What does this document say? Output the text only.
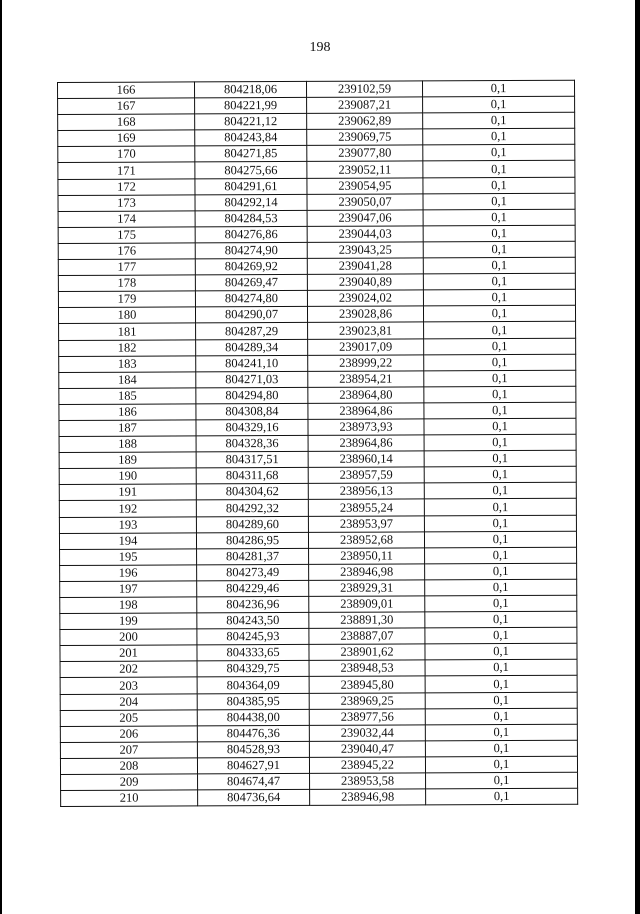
198
166	804218,06	239102,59	0,1
167	804221,99	239087,21	0,1
168	804221,12	239062,89	0,1
169	804243,84	239069,75	0,1
170	804271,85	239077,80	0,1
171	804275,66	239052,11	0,1
172	804291,61	239054,95	0,1
173	804292,14	239050,07	0,1
174	804284,53	239047,06	0,1
175	804276,86	239044,03	0,1
176	804274,90	239043,25	0,1
177	804269,92	239041,28	0,1
178	804269,47	239040,89	0,1
179	804274,80	239024,02	0,1
180	804290,07	239028,86	0,1
181	804287,29	239023,81	0,1
182	804289,34	239017,09	0,1
183	804241,10	238999,22	0,1
184	804271,03	238954,21	0,1
185	804294,80	238964,80	0,1
186	804308,84	238964,86	0,1
187	804329,16	238973,93	0,1
188	804328,36	238964,86	0,1
189	804317,51	238960,14	0,1
190	804311,68	238957,59	0,1
191	804304,62	238956,13	0,1
192	804292,32	238955,24	0,1
193	804289,60	238953,97	0,1
194	804286,95	238952,68	0,1
195	804281,37	238950,11	0,1
196	804273,49	238946,98	0,1
197	804229,46	238929,31	0,1
198	804236,96	238909,01	0,1
199	804243,50	238891,30	0,1
200	804245,93	238887,07	0,1
201	804333,65	238901,62	0,1
202	804329,75	238948,53	0,1
203	804364,09	238945,80	0,1
204	804385,95	238969,25	0,1
205	804438,00	238977,56	0,1
206	804476,36	239032,44	0,1
207	804528,93	239040,47	0,1
208	804627,91	238945,22	0,1
209	804674,47	238953,58	0,1
210	804736,64	238946,98	0,1
